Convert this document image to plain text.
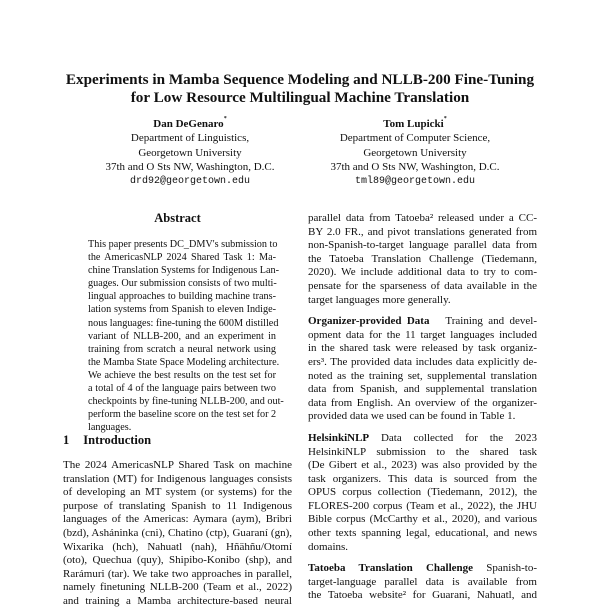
Experiments in Mamba Sequence Modeling and NLLB-200 Fine-Tuning
for Low Resource Multilingual Machine Translation
Dan DeGenaro*
Department of Linguistics,
Georgetown University
37th and O Sts NW, Washington, D.C.
drd92@georgetown.edu
Tom Lupicki*
Department of Computer Science,
Georgetown University
37th and O Sts NW, Washington, D.C.
tml89@georgetown.edu
Abstract
This paper presents DC_DMV's submission to
the AmericasNLP 2024 Shared Task 1: Ma-
chine Translation Systems for Indigenous Lan-
guages. Our submission consists of two multi-
lingual approaches to building machine trans-
lation systems from Spanish to eleven Indige-
nous languages: fine-tuning the 600M distilled
variant of NLLB-200, and an experiment in
training from scratch a neural network using
the Mamba State Space Modeling architecture.
We achieve the best results on the test set for
a total of 4 of the language pairs between two
checkpoints by fine-tuning NLLB-200, and out-
perform the baseline score on the test set for 2
languages.
1 Introduction
The 2024 AmericasNLP Shared Task on machine
translation (MT) for Indigenous languages consists
of developing an MT system (or systems) for the
purpose of translating Spanish to 11 Indigenous
languages of the Americas: Aymara (aym), Bribri
(bzd), Asháninka (cni), Chatino (ctp), Guaraní (gn),
Wixarika (hch), Nahuatl (nah), Hñähñu/Otomí
(oto), Quechua (quy), Shipibo-Konibo (shp), and
Rarámuri (tar). We take two approaches in parallel,
namely finetuning NLLB-200 (Team et al., 2022)
and training a Mamba architecture-based neural
parallel data from Tatoeba² released under a CC-
BY 2.0 FR., and pivot translations generated from
non-Spanish-to-target language parallel data from
the Tatoeba Translation Challenge (Tiedemann,
2020). We include additional data to try to com-
pensate for the sparseness of data available in the
target languages more generally.
Organizer-provided Data Training and devel-
opment data for the 11 target languages included
in the shared task were released by task organiz-
ers³. The provided data includes data explicitly de-
noted as the training set, supplemental translation
data from Spanish, and supplemental translation
data from English. An overview of the organizer-
provided data we used can be found in Table 1.
HelsinkiNLP Data collected for the 2023
HelsinkiNLP submission to the shared task
(De Gibert et al., 2023) was also provided by the
task organizers. This data is sourced from the
OPUS corpus collection (Tiedemann, 2012), the
FLORES-200 corpus (Team et al., 2022), the JHU
Bible corpus (McCarthy et al., 2020), and various
other texts spanning legal, educational, and news
domains.
Tatoeba Translation Challenge Spanish-to-
target-language parallel data is available from
the Tatoeba website² for Guarani, Nahuatl, and
